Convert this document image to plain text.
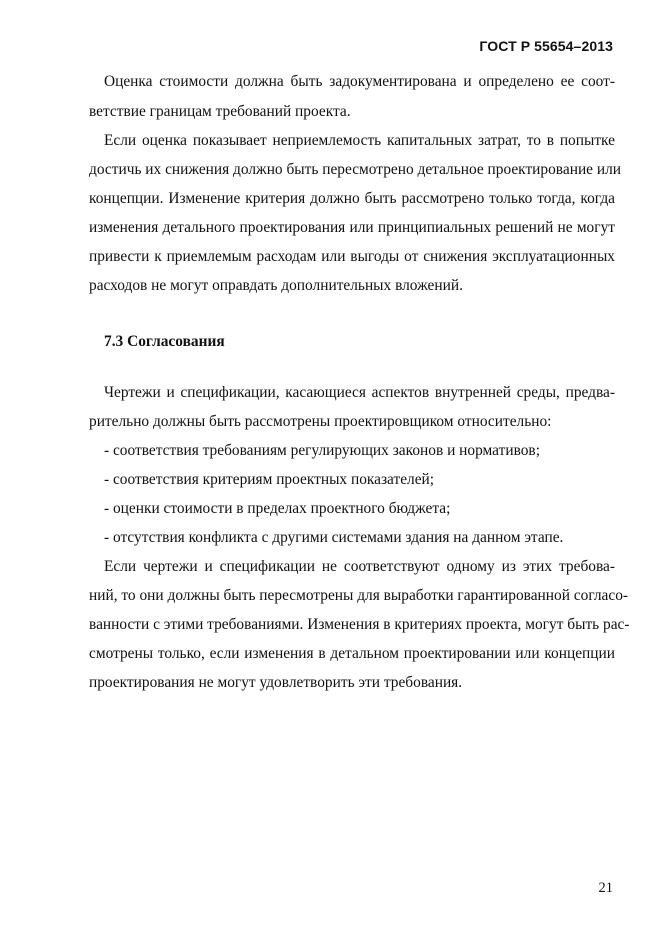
ГОСТ Р 55654–2013
Оценка стоимости должна быть задокументирована и определено ее соот-
ветствие границам требований проекта.
Если оценка показывает неприемлемость капитальных затрат, то в попытке
достичь их снижения должно быть пересмотрено детальное проектирование или
концепции. Изменение критерия должно быть рассмотрено только тогда, когда
изменения детального проектирования или принципиальных решений не могут
привести к приемлемым расходам или выгоды от снижения эксплуатационных
расходов не могут оправдать дополнительных вложений.
7.3 Согласования
Чертежи и спецификации, касающиеся аспектов внутренней среды, предва-
рительно должны быть рассмотрены проектировщиком относительно:
- соответствия требованиям регулирующих законов и нормативов;
- соответствия критериям проектных показателей;
- оценки стоимости в пределах проектного бюджета;
- отсутствия конфликта с другими системами здания на данном этапе.
Если чертежи и спецификации не соответствуют одному из этих требова-
ний, то они должны быть пересмотрены для выработки гарантированной согласо-
ванности с этими требованиями. Изменения в критериях проекта, могут быть рас-
смотрены только, если изменения в детальном проектировании или концепции
проектирования не могут удовлетворить эти требования.
21
